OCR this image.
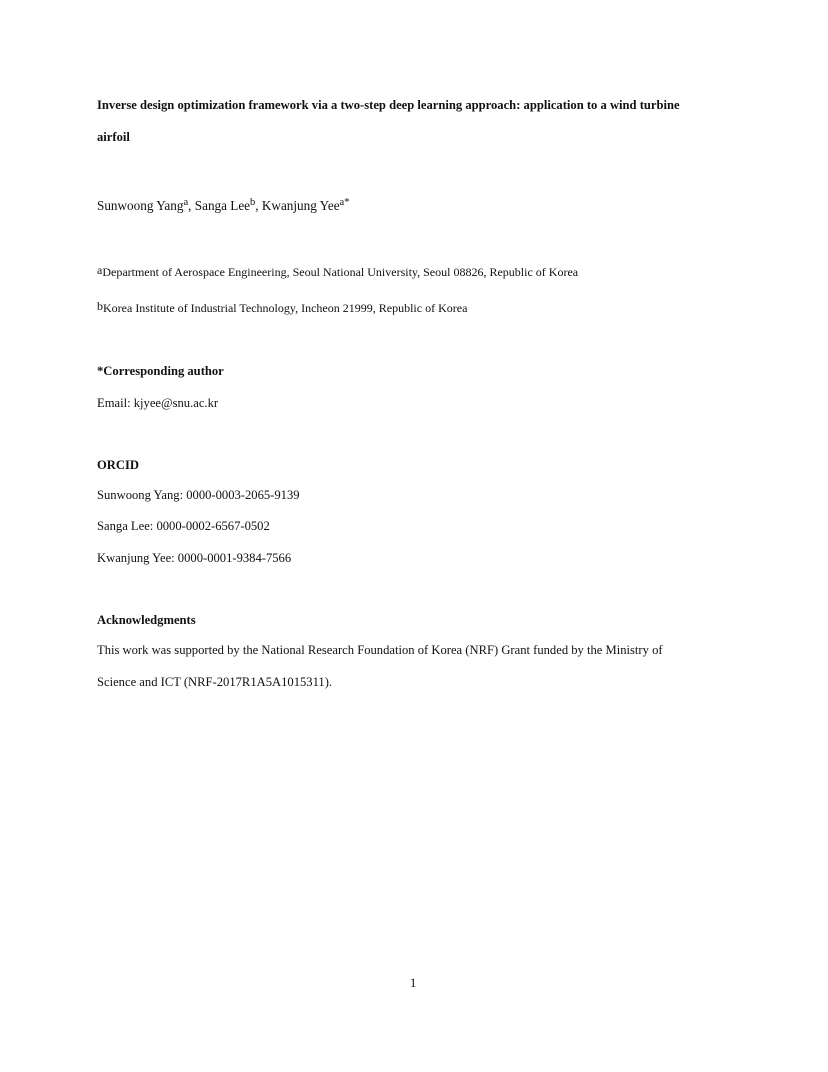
Inverse design optimization framework via a two-step deep learning approach: application to a wind turbine
airfoil
Sunwoong Yang$^a$, Sanga Lee$^b$, Kwanjung Yee$^{a*}$
aDepartment of Aerospace Engineering, Seoul National University, Seoul 08826, Republic of Korea
bKorea Institute of Industrial Technology, Incheon 21999, Republic of Korea
*Corresponding author
Email: kjyee@snu.ac.kr
ORCID
Sunwoong Yang: 0000-0003-2065-9139
Sanga Lee: 0000-0002-6567-0502
Kwanjung Yee: 0000-0001-9384-7566
Acknowledgments
This work was supported by the National Research Foundation of Korea (NRF) Grant funded by the Ministry of
Science and ICT (NRF-2017R1A5A1015311).
1
